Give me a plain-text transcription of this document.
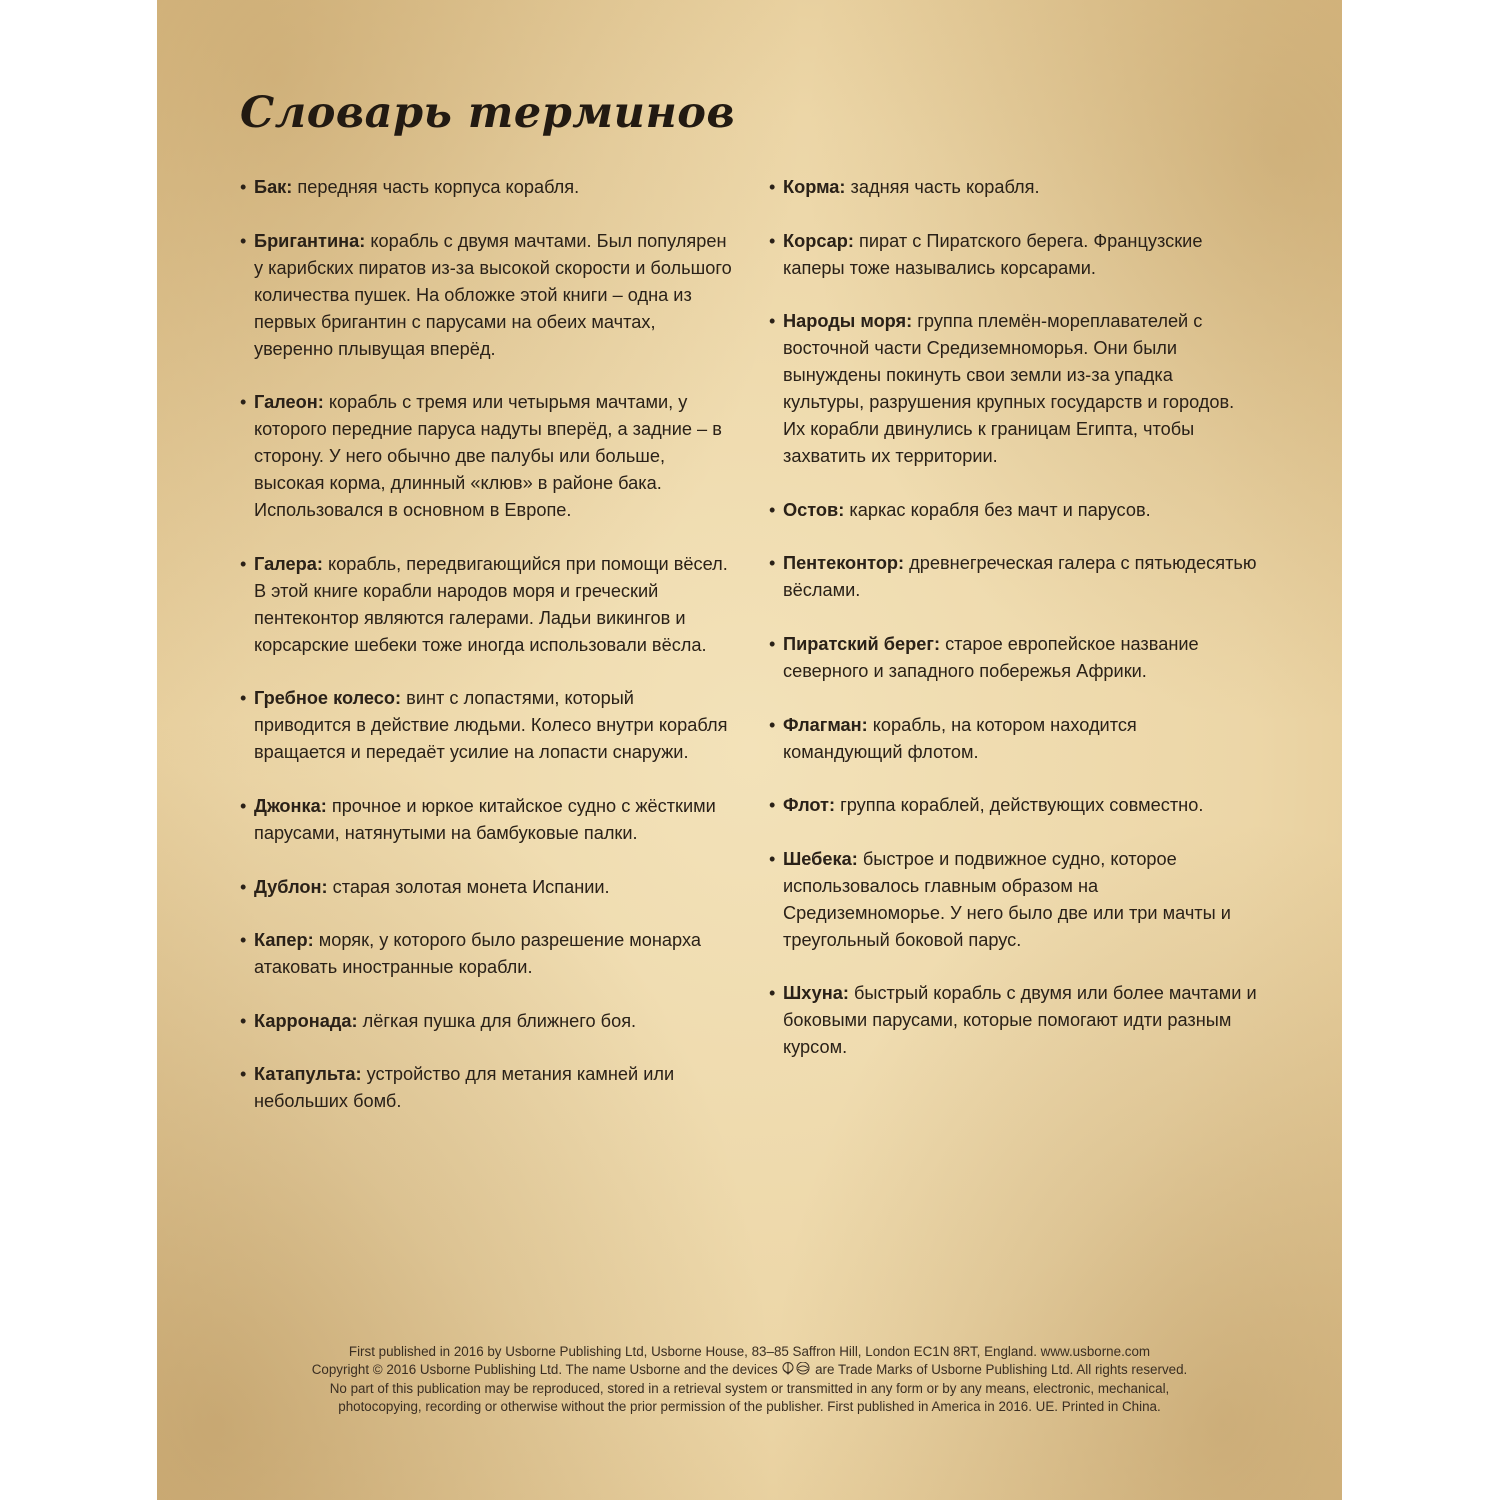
Словарь терминов

• Бак: передняя часть корпуса корабля.

• Бригантина: корабль с двумя мачтами. Был популярен у карибских пиратов из-за высокой скорости и большого количества пушек. На обложке этой книги – одна из первых бригантин с парусами на обеих мачтах, уверенно плывущая вперёд.

• Галеон: корабль с тремя или четырьмя мачтами, у которого передние паруса надуты вперёд, а задние – в сторону. У него обычно две палубы или больше, высокая корма, длинный «клюв» в районе бака. Использовался в основном в Европе.

• Галера: корабль, передвигающийся при помощи вёсел. В этой книге корабли народов моря и греческий пентеконтор являются галерами. Ладьи викингов и корсарские шебеки тоже иногда использовали вёсла.

• Гребное колесо: винт с лопастями, который приводится в действие людьми. Колесо внутри корабля вращается и передаёт усилие на лопасти снаружи.

• Джонка: прочное и юркое китайское судно с жёсткими парусами, натянутыми на бамбуковые палки.

• Дублон: старая золотая монета Испании.

• Капер: моряк, у которого было разрешение монарха атаковать иностранные корабли.

• Карронада: лёгкая пушка для ближнего боя.

• Катапульта: устройство для метания камней или небольших бомб.

• Корма: задняя часть корабля.

• Корсар: пират с Пиратского берега. Французские каперы тоже назывались корсарами.

• Народы моря: группа племён-мореплавателей с восточной части Средиземноморья. Они были вынуждены покинуть свои земли из-за упадка культуры, разрушения крупных государств и городов. Их корабли двинулись к границам Египта, чтобы захватить их территории.

• Остов: каркас корабля без мачт и парусов.

• Пентеконтор: древнегреческая галера с пятьюдесятью вёслами.

• Пиратский берег: старое европейское название северного и западного побережья Африки.

• Флагман: корабль, на котором находится командующий флотом.

• Флот: группа кораблей, действующих совместно.

• Шебека: быстрое и подвижное судно, которое использовалось главным образом на Средиземноморье. У него было две или три мачты и треугольный боковой парус.

• Шхуна: быстрый корабль с двумя или более мачтами и боковыми парусами, которые помогают идти разным курсом.

First published in 2016 by Usborne Publishing Ltd, Usborne House, 83–85 Saffron Hill, London EC1N 8RT, England. www.usborne.com
Copyright © 2016 Usborne Publishing Ltd. The name Usborne and the devices  are Trade Marks of Usborne Publishing Ltd. All rights reserved.
No part of this publication may be reproduced, stored in a retrieval system or transmitted in any form or by any means, electronic, mechanical,
photocopying, recording or otherwise without the prior permission of the publisher. First published in America in 2016. UE. Printed in China.
